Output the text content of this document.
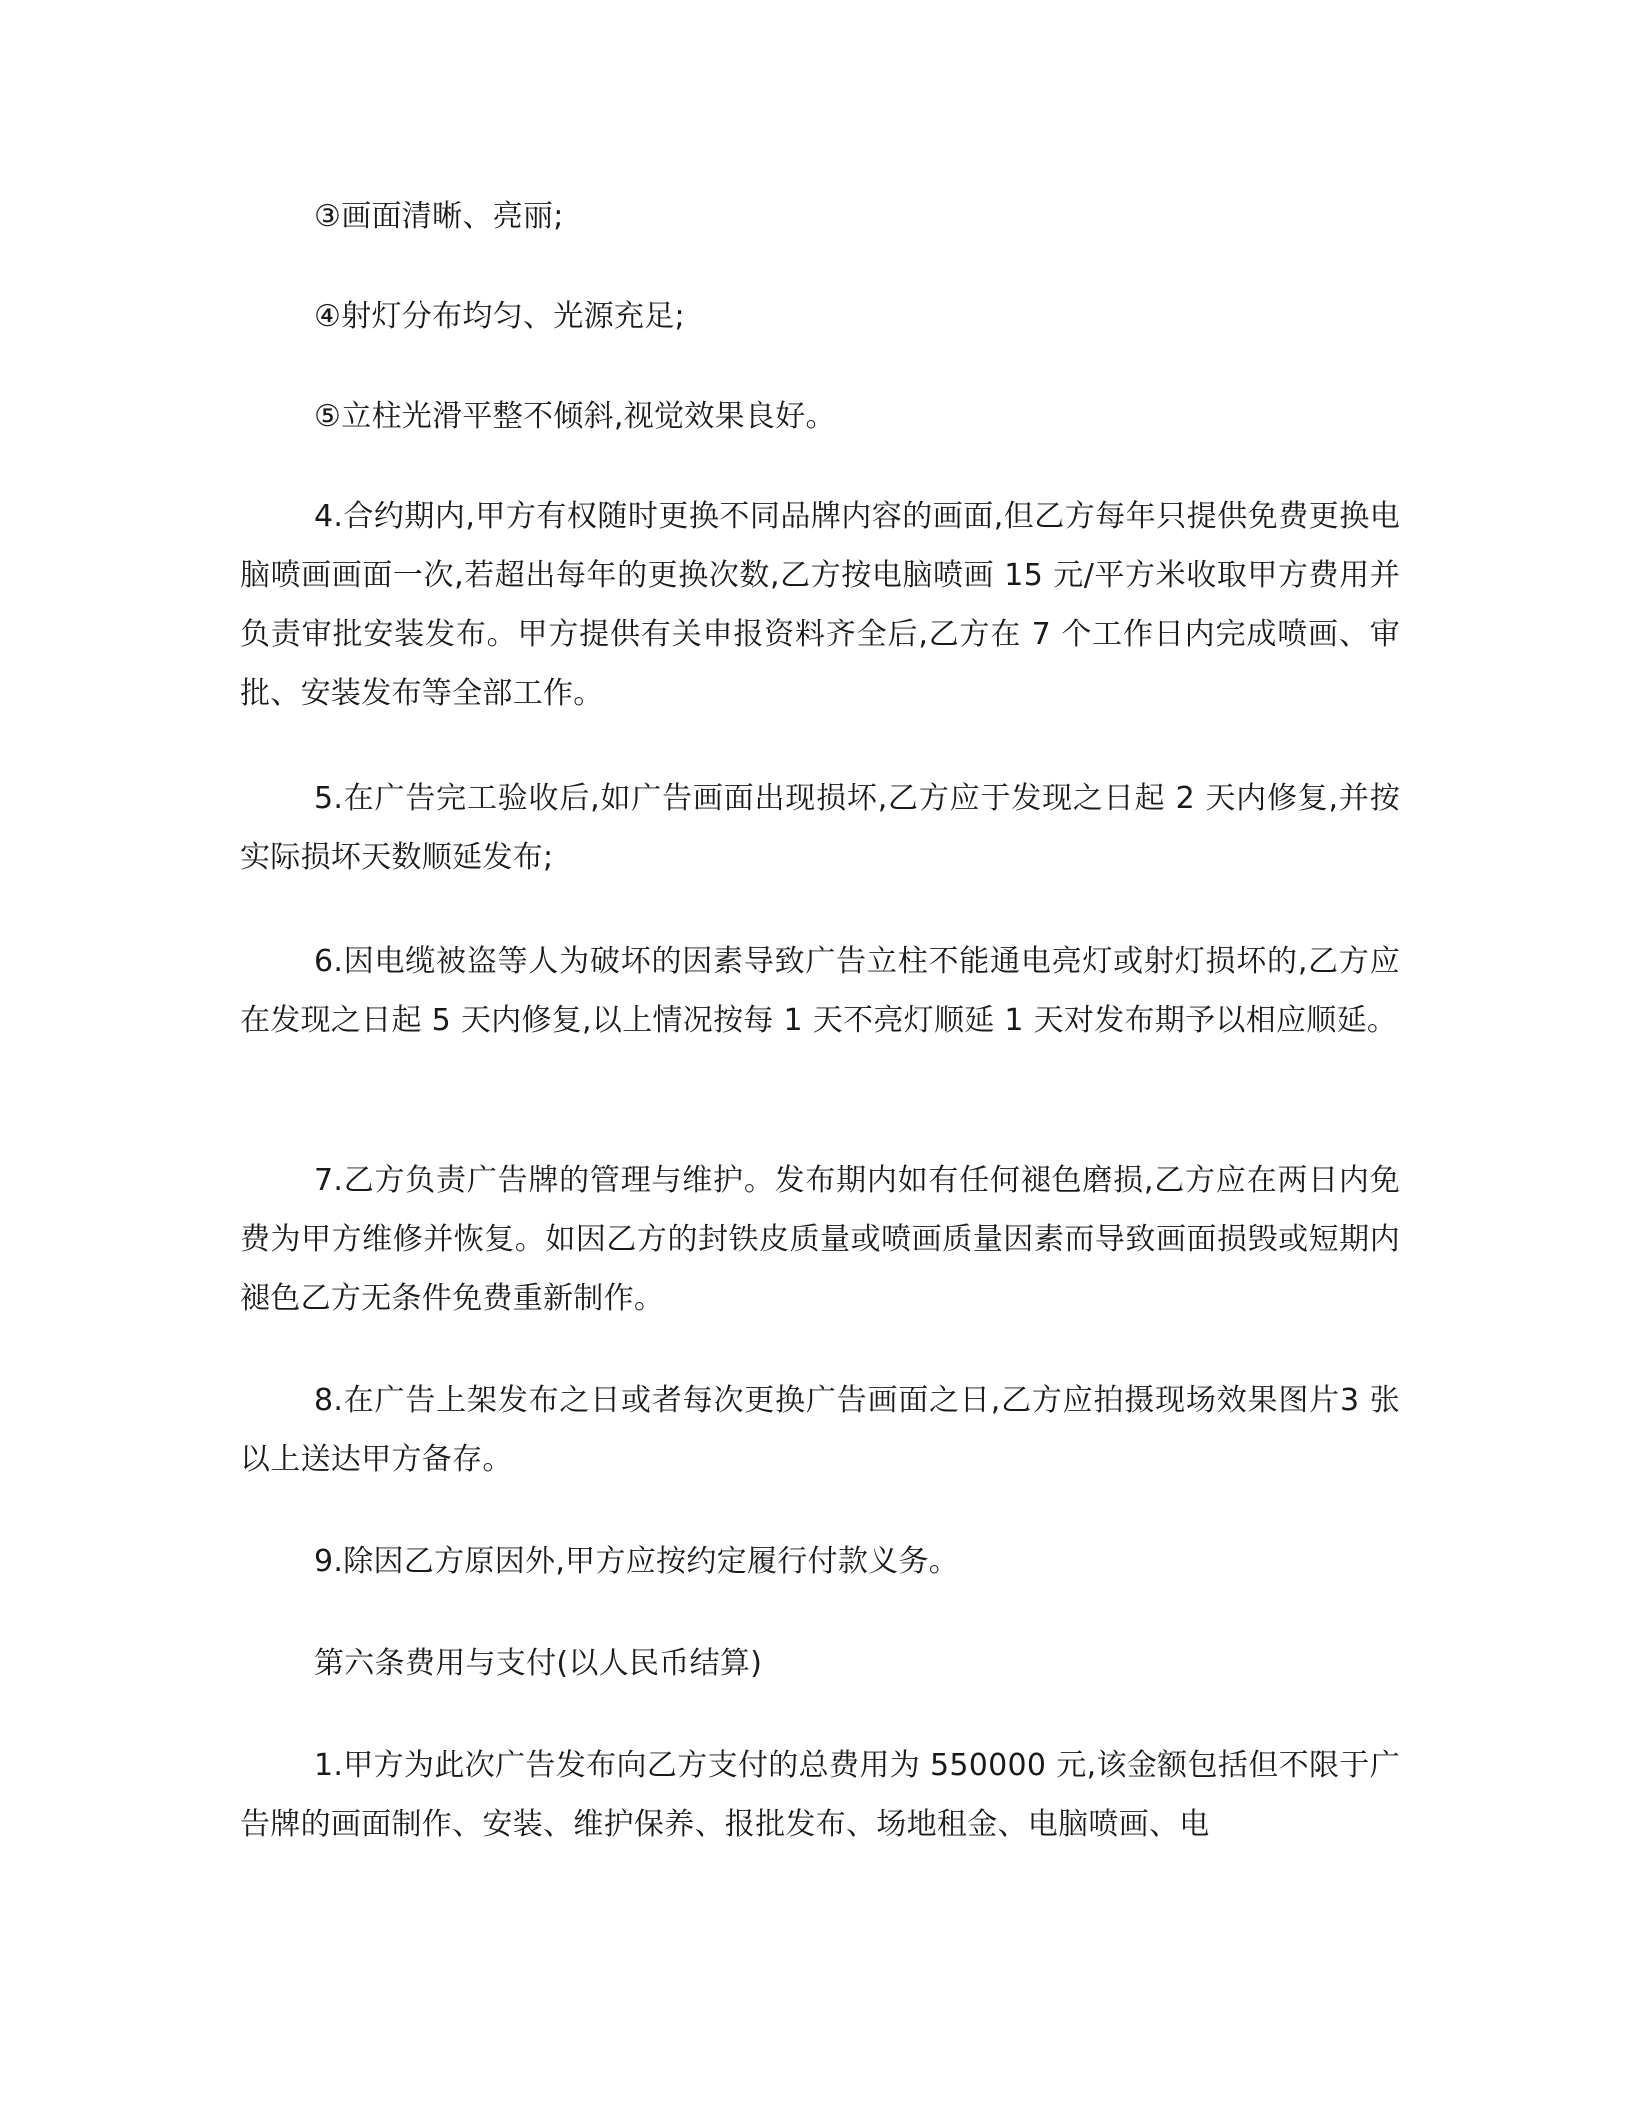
③画面清晰、亮丽;

④射灯分布均匀、光源充足;

⑤立柱光滑平整不倾斜,视觉效果良好。

4.合约期内,甲方有权随时更换不同品牌内容的画面,但乙方每年只提供免费更换电脑喷画画面一次,若超出每年的更换次数,乙方按电脑喷画 15 元/平方米收取甲方费用并负责审批安装发布。甲方提供有关申报资料齐全后,乙方在 7 个工作日内完成喷画、审批、安装发布等全部工作。

5.在广告完工验收后,如广告画面出现损坏,乙方应于发现之日起 2 天内修复,并按实际损坏天数顺延发布;

6.因电缆被盗等人为破坏的因素导致广告立柱不能通电亮灯或射灯损坏的,乙方应在发现之日起 5 天内修复,以上情况按每 1 天不亮灯顺延 1 天对发布期予以相应顺延。

7.乙方负责广告牌的管理与维护。发布期内如有任何褪色磨损,乙方应在两日内免费为甲方维修并恢复。如因乙方的封铁皮质量或喷画质量因素而导致画面损毁或短期内褪色乙方无条件免费重新制作。

8.在广告上架发布之日或者每次更换广告画面之日,乙方应拍摄现场效果图片3 张以上送达甲方备存。

9.除因乙方原因外,甲方应按约定履行付款义务。

第六条费用与支付(以人民币结算)

1.甲方为此次广告发布向乙方支付的总费用为 550000 元,该金额包括但不限于广告牌的画面制作、安装、维护保养、报批发布、场地租金、电脑喷画、电
